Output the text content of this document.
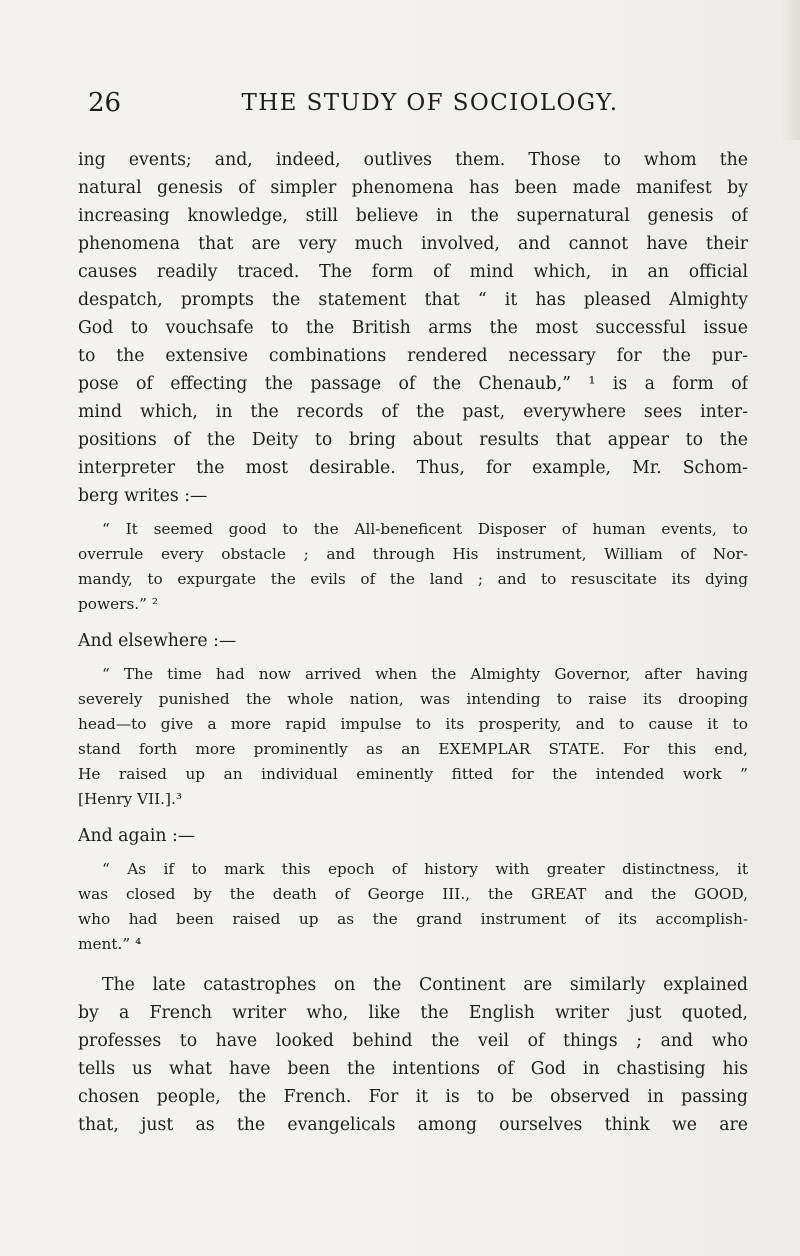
26	THE STUDY OF SOCIOLOGY.
ing events; and, indeed, outlives them. Those to whom the
natural genesis of simpler phenomena has been made manifest by
increasing knowledge, still believe in the supernatural genesis of
phenomena that are very much involved, and cannot have their
causes readily traced. The form of mind which, in an official
despatch, prompts the statement that “ it has pleased Almighty
God to vouchsafe to the British arms the most successful issue
to the extensive combinations rendered necessary for the pur-
pose of effecting the passage of the Chenaub,” ¹ is a form of
mind which, in the records of the past, everywhere sees inter-
positions of the Deity to bring about results that appear to the
interpreter the most desirable. Thus, for example, Mr. Schom-
berg writes :—
“ It seemed good to the All-beneficent Disposer of human events, to
overrule every obstacle ; and through His instrument, William of Nor-
mandy, to expurgate the evils of the land ; and to resuscitate its dying
powers.” ²
And elsewhere :—
“ The time had now arrived when the Almighty Governor, after having
severely punished the whole nation, was intending to raise its drooping
head—to give a more rapid impulse to its prosperity, and to cause it to
stand forth more prominently as an EXEMPLAR STATE. For this end,
He raised up an individual eminently fitted for the intended work ”
[Henry VII.].³
And again :—
“ As if to mark this epoch of history with greater distinctness, it
was closed by the death of George III., the GREAT and the GOOD,
who had been raised up as the grand instrument of its accomplish-
ment.” ⁴
The late catastrophes on the Continent are similarly explained
by a French writer who, like the English writer just quoted,
professes to have looked behind the veil of things ; and who
tells us what have been the intentions of God in chastising his
chosen people, the French. For it is to be observed in passing
that, just as the evangelicals among ourselves think we are
